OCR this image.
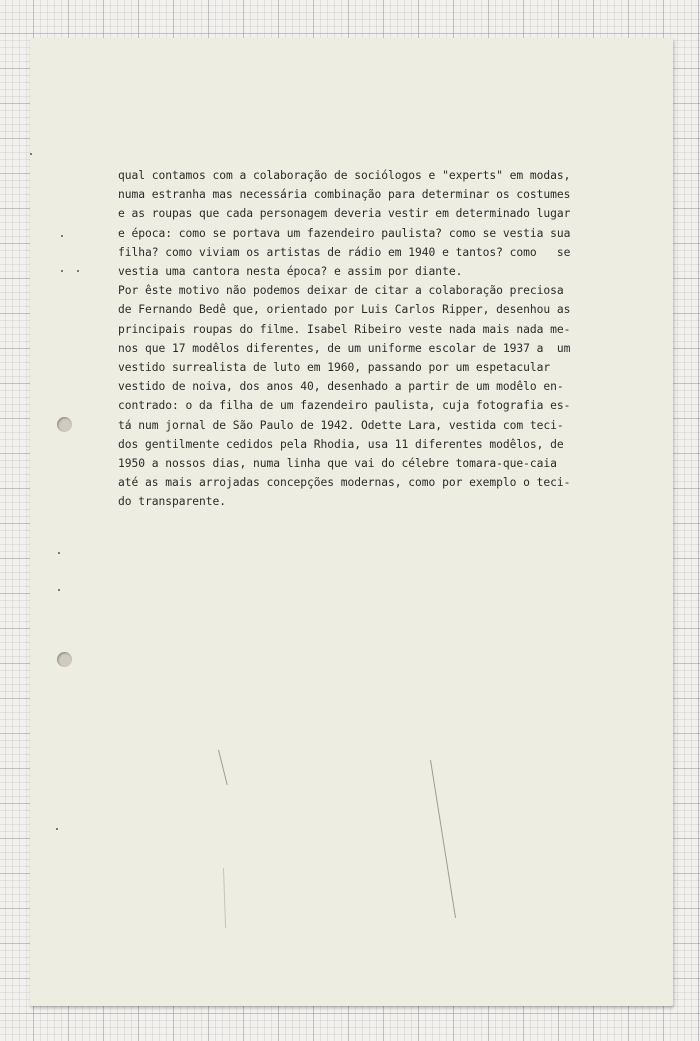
qual contamos com a colaboração de sociólogos e "experts" em modas,
numa estranha mas necessária combinação para determinar os costumes
e as roupas que cada personagem deveria vestir em determinado lugar
e época: como se portava um fazendeiro paulista? como se vestia sua
filha? como viviam os artistas de rádio em 1940 e tantos? como   se
vestia uma cantora nesta época? e assim por diante.
Por êste motivo não podemos deixar de citar a colaboração preciosa
de Fernando Bedê que, orientado por Luis Carlos Ripper, desenhou as
principais roupas do filme. Isabel Ribeiro veste nada mais nada me-
nos que 17 modêlos diferentes, de um uniforme escolar de 1937 a  um
vestido surrealista de luto em 1960, passando por um espetacular
vestido de noiva, dos anos 40, desenhado a partir de um modêlo en-
contrado: o da filha de um fazendeiro paulista, cuja fotografia es-
tá num jornal de São Paulo de 1942. Odette Lara, vestida com teci-
dos gentilmente cedidos pela Rhodia, usa 11 diferentes modêlos, de
1950 a nossos dias, numa linha que vai do célebre tomara-que-caia
até as mais arrojadas concepções modernas, como por exemplo o teci-
do transparente.
